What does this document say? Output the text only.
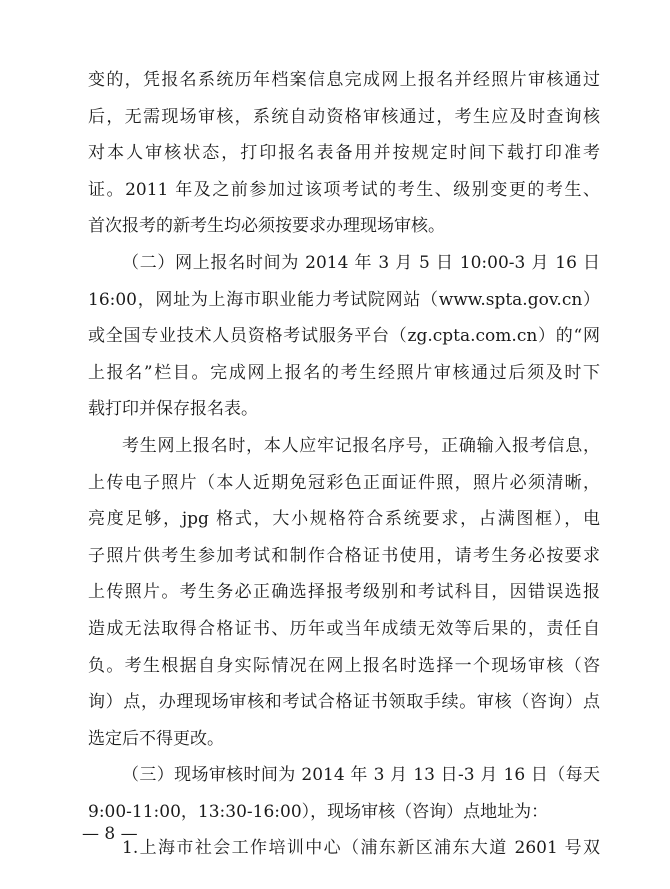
变的，凭报名系统历年档案信息完成网上报名并经照片审核通过
后，无需现场审核，系统自动资格审核通过，考生应及时查询核
对本人审核状态，打印报名表备用并按规定时间下载打印准考
证。2011 年及之前参加过该项考试的考生、级别变更的考生、
首次报考的新考生均必须按要求办理现场审核。
（二）网上报名时间为 2014 年 3 月 5 日 10:00-3 月 16 日
16:00，网址为上海市职业能力考试院网站（www.spta.gov.cn）
或全国专业技术人员资格考试服务平台（zg.cpta.com.cn）的“网
上报名”栏目。完成网上报名的考生经照片审核通过后须及时下
载打印并保存报名表。
考生网上报名时，本人应牢记报名序号，正确输入报考信息，
上传电子照片（本人近期免冠彩色正面证件照，照片必须清晰，
亮度足够，jpg 格式，大小规格符合系统要求，占满图框），电
子照片供考生参加考试和制作合格证书使用，请考生务必按要求
上传照片。考生务必正确选择报考级别和考试科目，因错误选报
造成无法取得合格证书、历年或当年成绩无效等后果的，责任自
负。考生根据自身实际情况在网上报名时选择一个现场审核（咨
询）点，办理现场审核和考试合格证书领取手续。审核（咨询）点
选定后不得更改。
（三）现场审核时间为 2014 年 3 月 13 日-3 月 16 日（每天
9:00-11:00，13:30-16:00），现场审核（咨询）点地址为：
1.上海市社会工作培训中心（浦东新区浦东大道 2601 号双
— 8 —
